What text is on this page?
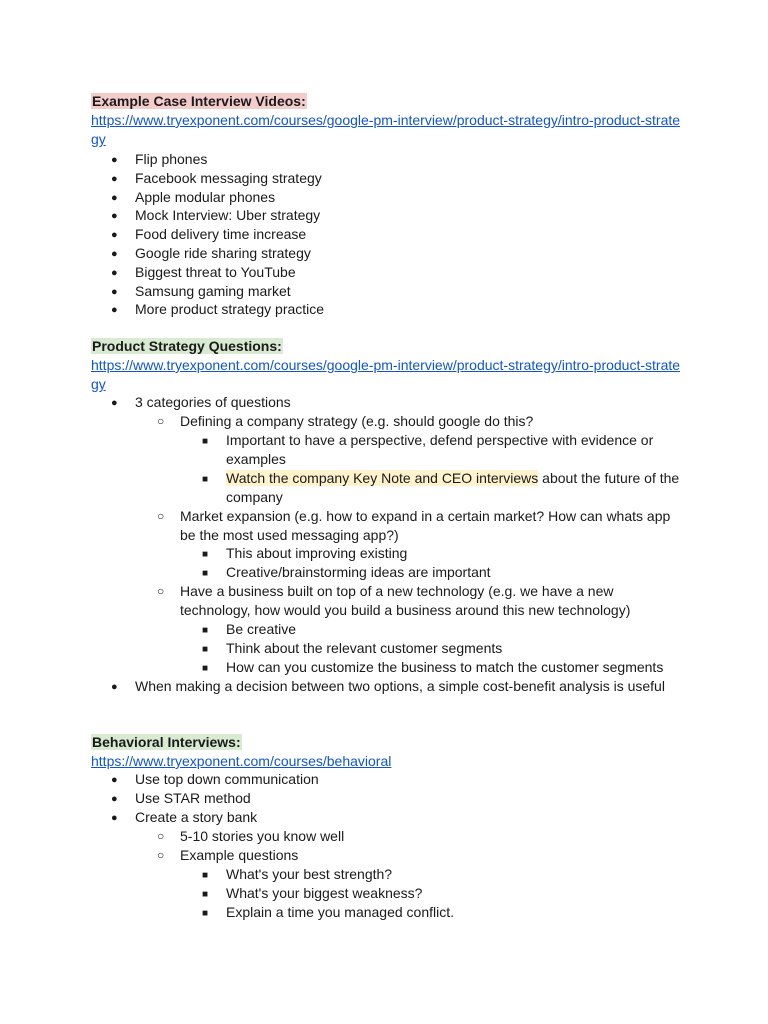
Example Case Interview Videos:
https://www.tryexponent.com/courses/google-pm-interview/product-strategy/intro-product-strate
gy
● Flip phones
● Facebook messaging strategy
● Apple modular phones
● Mock Interview: Uber strategy
● Food delivery time increase
● Google ride sharing strategy
● Biggest threat to YouTube
● Samsung gaming market
● More product strategy practice
Product Strategy Questions:
https://www.tryexponent.com/courses/google-pm-interview/product-strategy/intro-product-strate
gy
● 3 categories of questions
○ Defining a company strategy (e.g. should google do this?
■ Important to have a perspective, defend perspective with evidence or
examples
■ Watch the company Key Note and CEO interviews about the future of the
company
○ Market expansion (e.g. how to expand in a certain market? How can whats app
be the most used messaging app?)
■ This about improving existing
■ Creative/brainstorming ideas are important
○ Have a business built on top of a new technology (e.g. we have a new
technology, how would you build a business around this new technology)
■ Be creative
■ Think about the relevant customer segments
■ How can you customize the business to match the customer segments
● When making a decision between two options, a simple cost-benefit analysis is useful
Behavioral Interviews:
https://www.tryexponent.com/courses/behavioral
● Use top down communication
● Use STAR method
● Create a story bank
○ 5-10 stories you know well
○ Example questions
■ What's your best strength?
■ What's your biggest weakness?
■ Explain a time you managed conflict.
